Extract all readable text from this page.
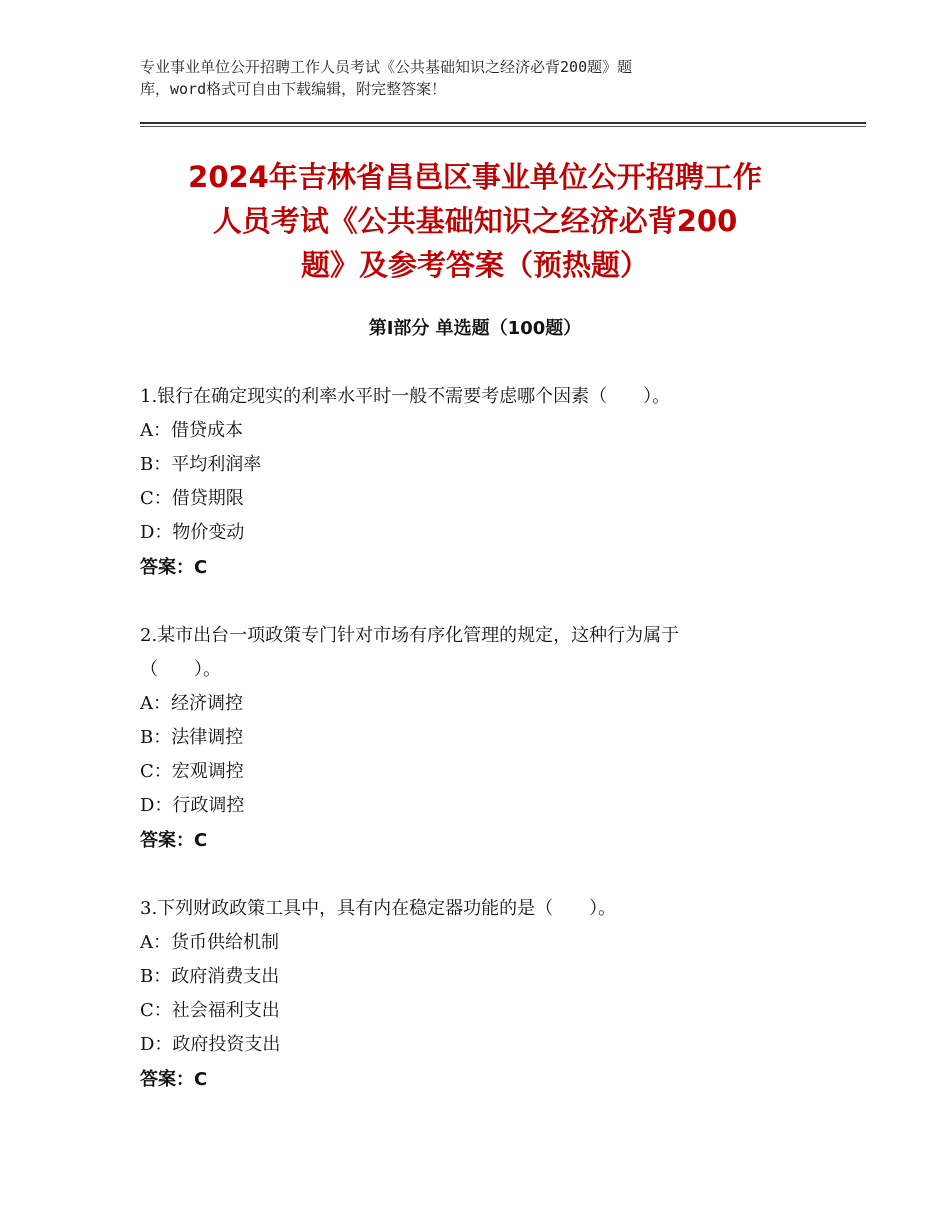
专业事业单位公开招聘工作人员考试《公共基础知识之经济必背200题》题
库，word格式可自由下载编辑，附完整答案！
2024年吉林省昌邑区事业单位公开招聘工作
人员考试《公共基础知识之经济必背200
题》及参考答案（预热题）
第Ⅰ部分 单选题（100题）
1.银行在确定现实的利率水平时一般不需要考虑哪个因素（　　）。
A：借贷成本
B：平均利润率
C：借贷期限
D：物价变动
答案：C
2.某市出台一项政策专门针对市场有序化管理的规定，这种行为属于
（　　）。
A：经济调控
B：法律调控
C：宏观调控
D：行政调控
答案：C
3.下列财政政策工具中，具有内在稳定器功能的是（　　）。
A：货币供给机制
B：政府消费支出
C：社会福利支出
D：政府投资支出
答案：C
